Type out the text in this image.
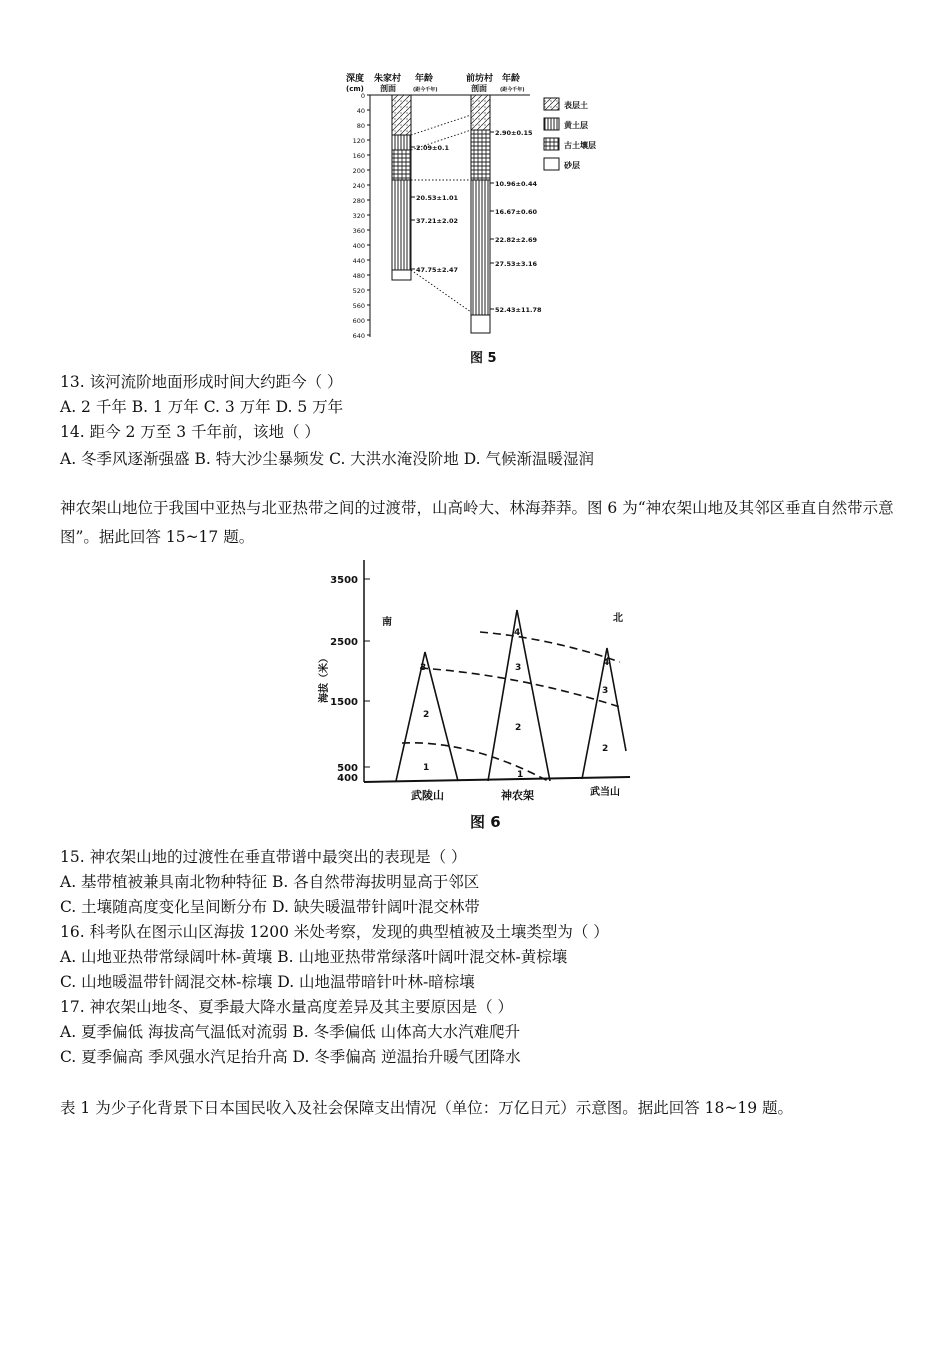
深度
(cm)
朱家村
剖面
年龄
(距今千年)
前坊村
剖面
年龄
(距今千年)
0
40
80
120
160
200
240
280
320
360
400
440
480
520
560
600
640
2.09±0.1
20.53±1.01
37.21±2.02
47.75±2.47
2.90±0.15
10.96±0.44
16.67±0.60
22.82±2.69
27.53±3.16
52.43±11.78
表层土
黄土层
古土壤层
砂层
图 5
13. 该河流阶地面形成时间大约距今（ ）
A. 2 千年 B. 1 万年 C. 3 万年 D. 5 万年
14. 距今 2 万至 3 千年前，该地（ ）
A. 冬季风逐渐强盛 B. 特大沙尘暴频发 C. 大洪水淹没阶地 D. 气候渐温暖湿润
神农架山地位于我国中亚热与北亚热带之间的过渡带，山高岭大、林海莽莽。图 6 为“神农架山地及其邻区垂直自然带示意图”。据此回答 15~17 题。
3500
2500
1500
500
400
海拔（米）
南	北
1
2
3
1
2
3
4
2
3
4
武陵山	神农架	武当山
图 6
15. 神农架山地的过渡性在垂直带谱中最突出的表现是（ ）
A. 基带植被兼具南北物种特征 B. 各自然带海拔明显高于邻区
C. 土壤随高度变化呈间断分布 D. 缺失暖温带针阔叶混交林带
16. 科考队在图示山区海拔 1200 米处考察，发现的典型植被及土壤类型为（ ）
A. 山地亚热带常绿阔叶林-黄壤 B. 山地亚热带常绿落叶阔叶混交林-黄棕壤
C. 山地暖温带针阔混交林-棕壤 D. 山地温带暗针叶林-暗棕壤
17. 神农架山地冬、夏季最大降水量高度差异及其主要原因是（ ）
A. 夏季偏低 海拔高气温低对流弱 B. 冬季偏低 山体高大水汽难爬升
C. 夏季偏高 季风强水汽足抬升高 D. 冬季偏高 逆温抬升暖气团降水
表 1 为少子化背景下日本国民收入及社会保障支出情况（单位：万亿日元）示意图。据此回答 18~19 题。
